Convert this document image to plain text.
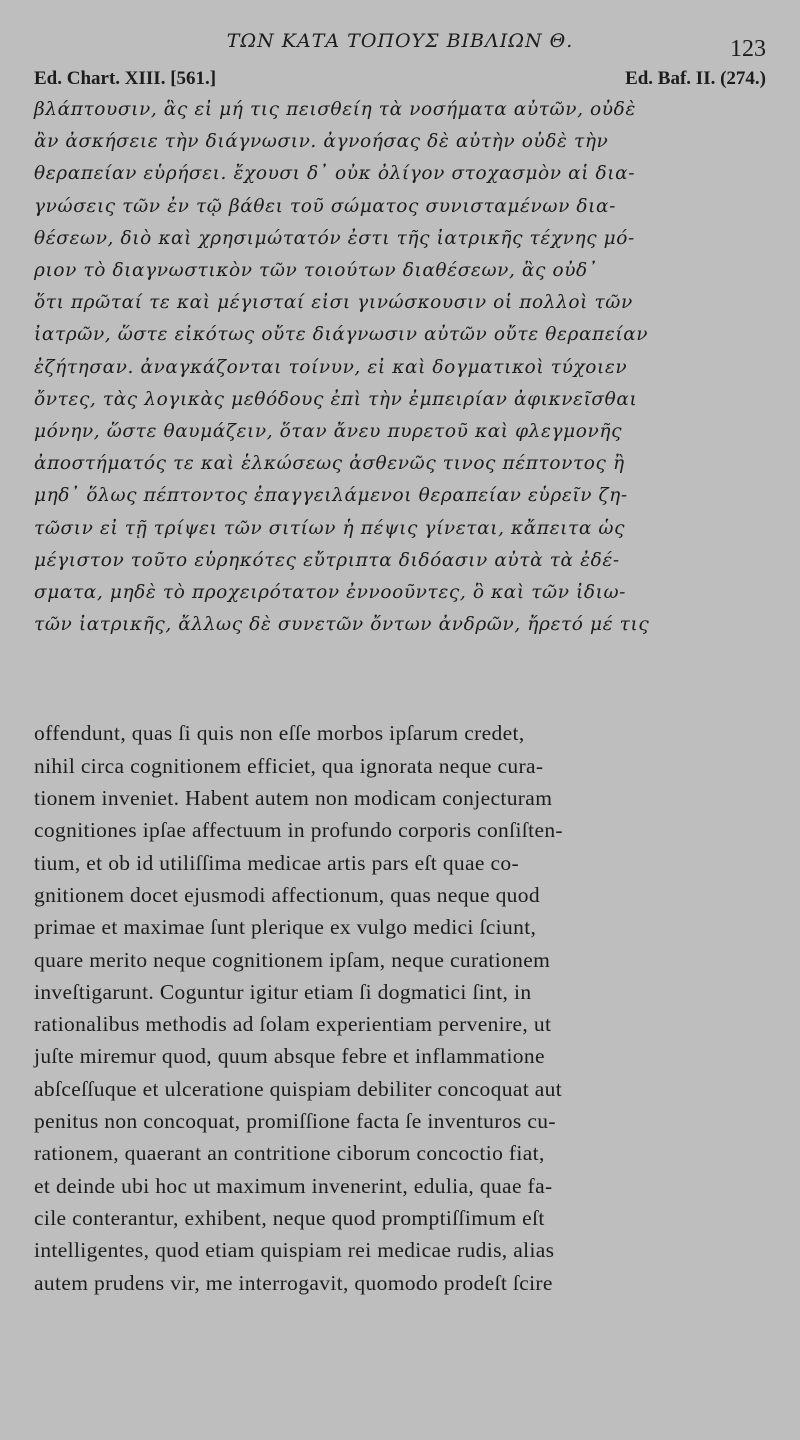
ΤΩΝ ΚΑΤΑ ΤΟΠΟΥΣ ΒΙΒΛΙΩΝ Θ.	123
Ed. Chart. XIII. [561.]	Ed. Baf. II. (274.)
βλάπτουσιν, ἃς εἰ μή τις πεισθείη τὰ νοσήματα αὐτῶν, οὐδὲ
ἂν ἀσκήσειε τὴν διάγνωσιν. ἀγνοήσας δὲ αὐτὴν οὐδὲ τὴν
θεραπείαν εὑρήσει. ἔχουσι δ᾽ οὐκ ὀλίγον στοχασμὸν αἱ δια-
γνώσεις τῶν ἐν τῷ βάθει τοῦ σώματος συνισταμένων δια-
θέσεων, διὸ καὶ χρησιμώτατόν ἐστι τῆς ἰατρικῆς τέχνης μό-
ριον τὸ διαγνωστικὸν τῶν τοιούτων διαθέσεων, ἃς οὐδ᾽
ὅτι πρῶταί τε καὶ μέγισταί εἰσι γινώσκουσιν οἱ πολλοὶ τῶν
ἰατρῶν, ὥστε εἰκότως οὔτε διάγνωσιν αὐτῶν οὔτε θεραπείαν
ἐζήτησαν. ἀναγκάζονται τοίνυν, εἰ καὶ δογματικοὶ τύχοιεν
ὄντες, τὰς λογικὰς μεθόδους ἐπὶ τὴν ἐμπειρίαν ἀφικνεῖσθαι
μόνην, ὥστε θαυμάζειν, ὅταν ἄνευ πυρετοῦ καὶ φλεγμονῆς
ἀποστήματός τε καὶ ἑλκώσεως ἀσθενῶς τινος πέπτοντος ἢ
μηδ᾽ ὅλως πέπτοντος ἐπαγγειλάμενοι θεραπείαν εὑρεῖν ζη-
τῶσιν εἰ τῇ τρίψει τῶν σιτίων ἡ πέψις γίνεται, κἄπειτα ὡς
μέγιστον τοῦτο εὑρηκότες εὔτριπτα διδόασιν αὐτὰ τὰ ἐδέ-
σματα, μηδὲ τὸ προχειρότατον ἐννοοῦντες, ὃ καὶ τῶν ἰδιω-
τῶν ἰατρικῆς, ἄλλως δὲ συνετῶν ὄντων ἀνδρῶν, ἤρετό μέ τις
offendunt, quas ſi quis non eſſe morbos ipſarum credet,
nihil circa cognitionem efficiet, qua ignorata neque cura-
tionem inveniet. Habent autem non modicam conjecturam
cognitiones ipſae affectuum in profundo corporis conſiſten-
tium, et ob id utiliſſima medicae artis pars eſt quae co-
gnitionem docet ejusmodi affectionum, quas neque quod
primae et maximae ſunt plerique ex vulgo medici ſciunt,
quare merito neque cognitionem ipſam, neque curationem
inveſtigarunt. Coguntur igitur etiam ſi dogmatici ſint, in
rationalibus methodis ad ſolam experientiam pervenire, ut
juſte miremur quod, quum absque febre et inflammatione
abſceſſuque et ulceratione quispiam debiliter concoquat aut
penitus non concoquat, promiſſione facta ſe inventuros cu-
rationem, quaerant an contritione ciborum concoctio fiat,
et deinde ubi hoc ut maximum invenerint, edulia, quae fa-
cile conterantur, exhibent, neque quod promptiſſimum eſt
intelligentes, quod etiam quispiam rei medicae rudis, alias
autem prudens vir, me interrogavit, quomodo prodeſt ſcire
